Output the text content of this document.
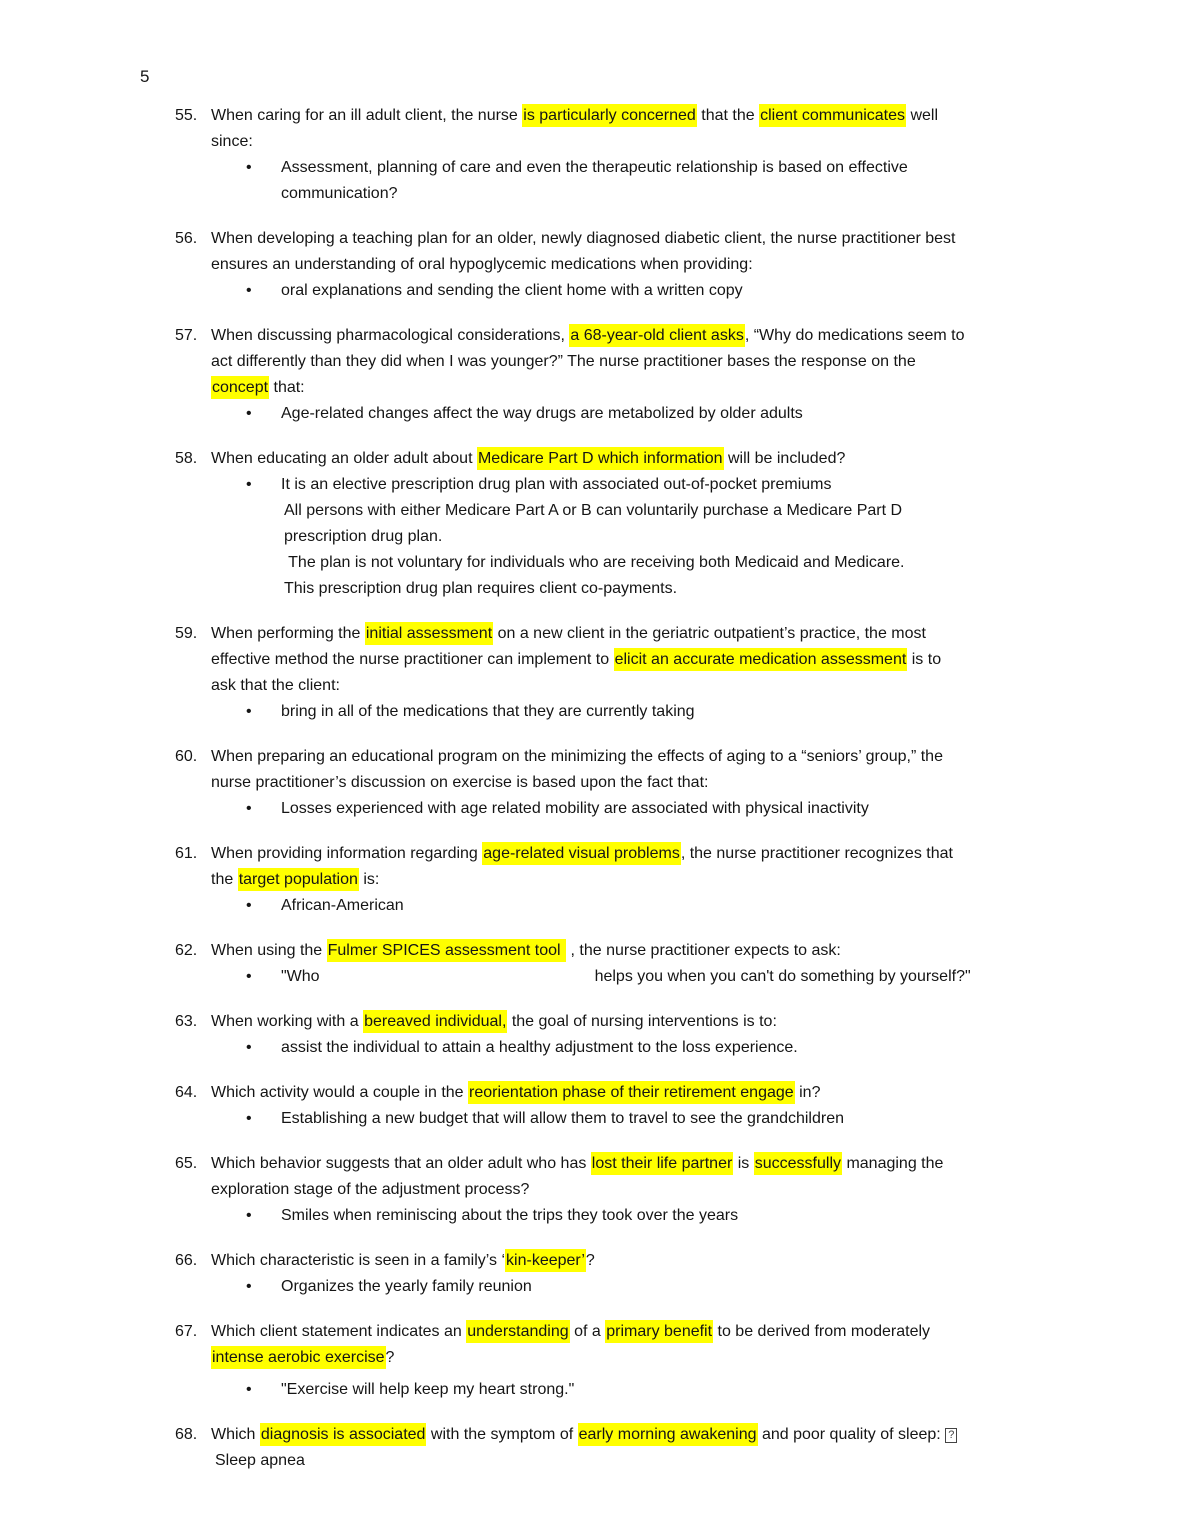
5
55. When caring for an ill adult client, the nurse is particularly concerned that the client communicates well
since:
• Assessment, planning of care and even the therapeutic relationship is based on effective
communication?
56. When developing a teaching plan for an older, newly diagnosed diabetic client, the nurse practitioner best
ensures an understanding of oral hypoglycemic medications when providing:
• oral explanations and sending the client home with a written copy
57. When discussing pharmacological considerations, a 68-year-old client asks, “Why do medications seem to
act differently than they did when I was younger?” The nurse practitioner bases the response on the
concept that:
• Age-related changes affect the way drugs are metabolized by older adults
58. When educating an older adult about Medicare Part D which information will be included?
• It is an elective prescription drug plan with associated out-of-pocket premiums
All persons with either Medicare Part A or B can voluntarily purchase a Medicare Part D
prescription drug plan.
The plan is not voluntary for individuals who are receiving both Medicaid and Medicare.
This prescription drug plan requires client co-payments.
59. When performing the initial assessment on a new client in the geriatric outpatient’s practice, the most
effective method the nurse practitioner can implement to elicit an accurate medication assessment is to
ask that the client:
• bring in all of the medications that they are currently taking
60. When preparing an educational program on the minimizing the effects of aging to a “seniors’ group,” the
nurse practitioner’s discussion on exercise is based upon the fact that:
• Losses experienced with age related mobility are associated with physical inactivity
61. When providing information regarding age-related visual problems, the nurse practitioner recognizes that
the target population is:
• African-American
62. When using the Fulmer SPICES assessment tool  , the nurse practitioner expects to ask:
• "Who	helps you when you can't do something by yourself?"
63. When working with a bereaved individual, the goal of nursing interventions is to:
• assist the individual to attain a healthy adjustment to the loss experience.
64. Which activity would a couple in the reorientation phase of their retirement engage in?
• Establishing a new budget that will allow them to travel to see the grandchildren
65. Which behavior suggests that an older adult who has lost their life partner is successfully managing the
exploration stage of the adjustment process?
• Smiles when reminiscing about the trips they took over the years
66. Which characteristic is seen in a family’s ‘kin-keeper’?
• Organizes the yearly family reunion
67. Which client statement indicates an understanding of a primary benefit to be derived from moderately
intense aerobic exercise?
• "Exercise will help keep my heart strong."
68. Which diagnosis is associated with the symptom of early morning awakening and poor quality of sleep: ?
Sleep apnea
